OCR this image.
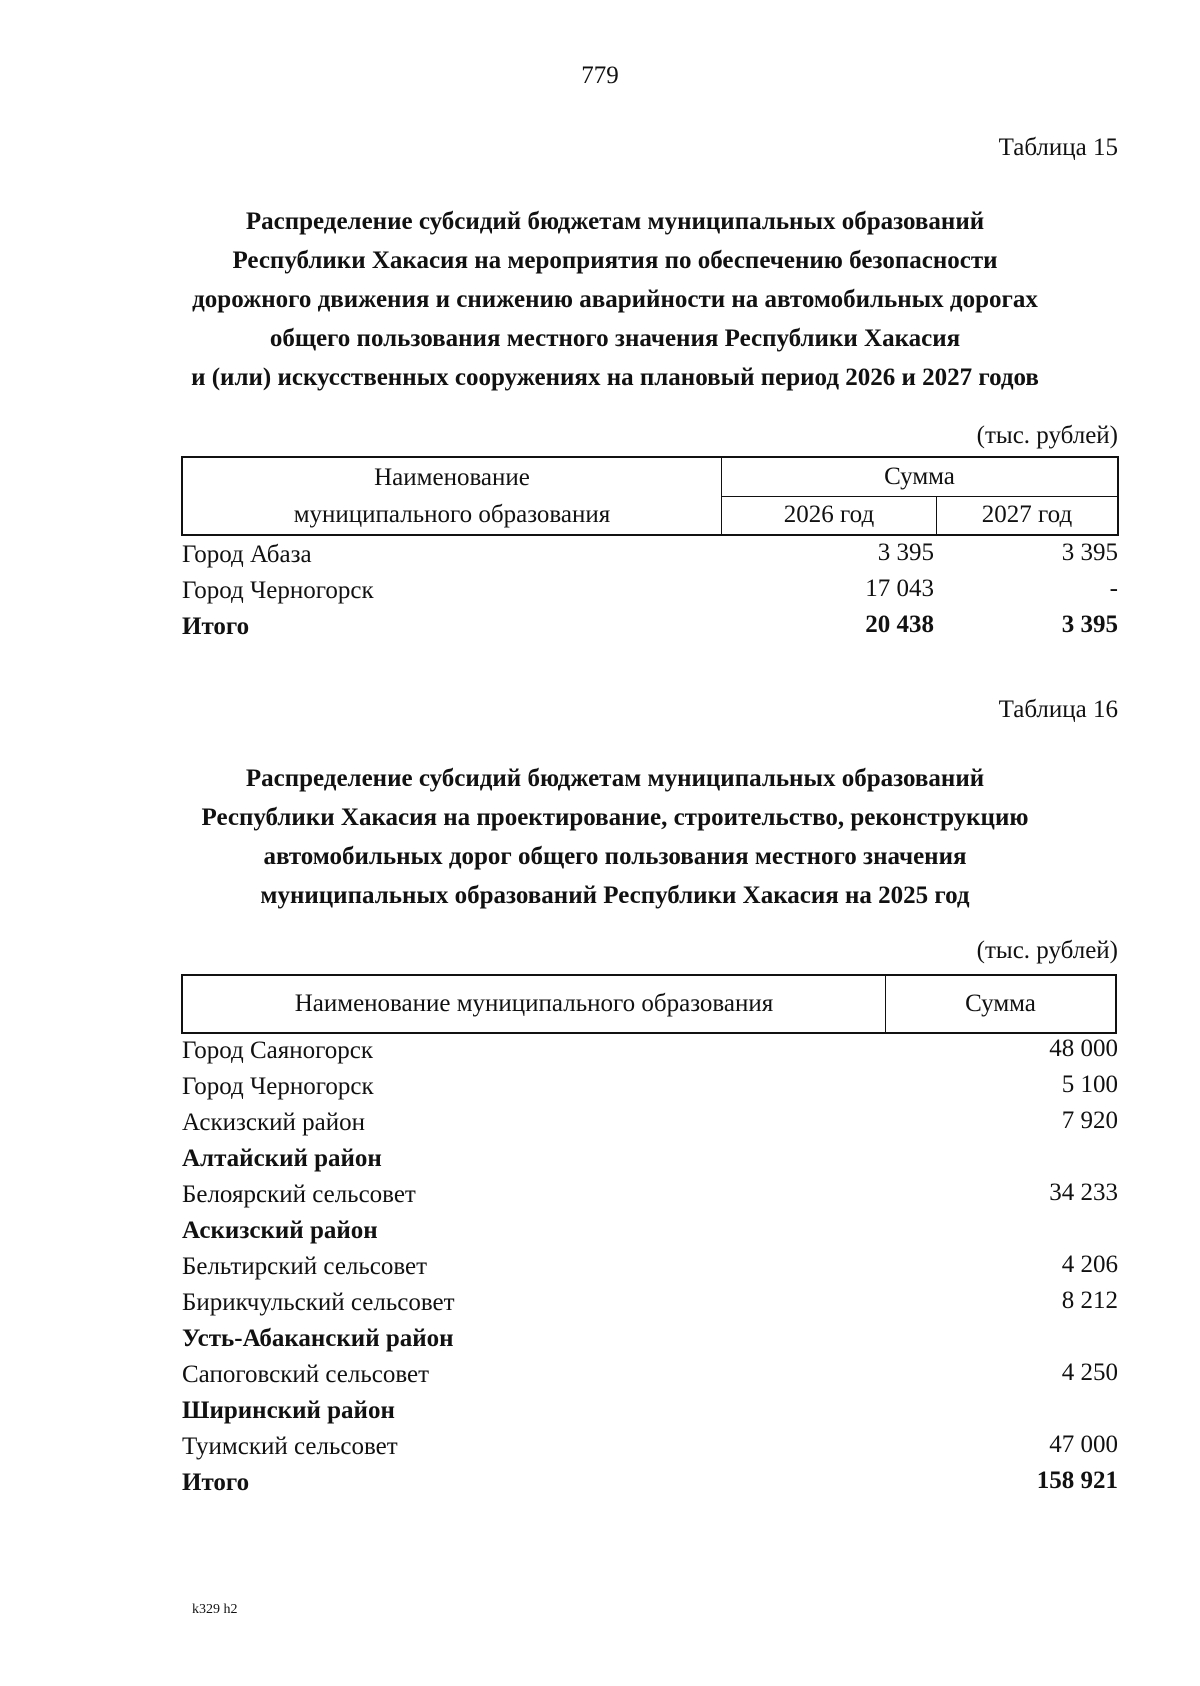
779
Таблица 15
Распределение субсидий бюджетам муниципальных образований
Республики Хакасия на мероприятия по обеспечению безопасности
дорожного движения и снижению аварийности на автомобильных дорогах
общего пользования местного значения Республики Хакасия
и (или) искусственных сооружениях на плановый период 2026 и 2027 годов
(тыс. рублей)
Наименование
муниципального образования	Сумма	
	2026 год	2027 год
Город Абаза	3 395	3 395
Город Черногорск	17 043	-
Итого	20 438	3 395
Таблица 16
Распределение субсидий бюджетам муниципальных образований
Республики Хакасия на проектирование, строительство, реконструкцию
автомобильных дорог общего пользования местного значения
муниципальных образований Республики Хакасия на 2025 год
(тыс. рублей)
Наименование муниципального образования	Сумма
Город Саяногорск	48 000
Город Черногорск	5 100
Аскизский район	7 920
Алтайский район
Белоярский сельсовет	34 233
Аскизский район
Бельтирский сельсовет	4 206
Бирикчульский сельсовет	8 212
Усть-Абаканский район
Сапоговский сельсовет	4 250
Ширинский район
Туимский сельсовет	47 000
Итого	158 921
k329 h2
